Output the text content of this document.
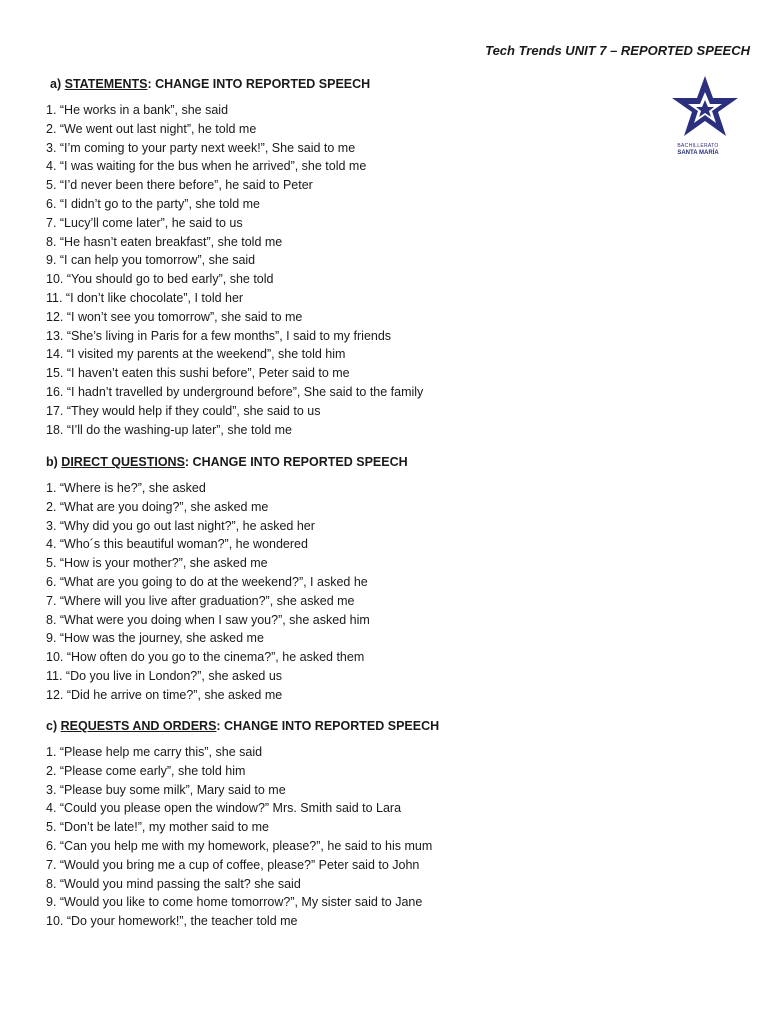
Tech Trends UNIT 7 – REPORTED SPEECH
BACHILLERATO
SANTA MARÍA
a) STATEMENTS: CHANGE INTO REPORTED SPEECH
1. “He works in a bank”, she said
2. “We went out last night”, he told me
3. “I’m coming to your party next week!”, She said to me
4. “I was waiting for the bus when he arrived”, she told me
5. “I’d never been there before”, he said to Peter
6. “I didn’t go to the party”, she told me
7. “Lucy’ll come later”, he said to us
8. “He hasn’t eaten breakfast”, she told me
9. “I can help you tomorrow”, she said
10. “You should go to bed early”, she told
11. “I don’t like chocolate”, I told her
12. “I won’t see you tomorrow”, she said to me
13. “She’s living in Paris for a few months”, I said to my friends
14. “I visited my parents at the weekend”, she told him
15. “I haven’t eaten this sushi before”, Peter said to me
16. “I hadn’t travelled by underground before”, She said to the family
17. “They would help if they could”, she said to us
18. “I’ll do the washing-up later”, she told me
b) DIRECT QUESTIONS: CHANGE INTO REPORTED SPEECH
1. “Where is he?”, she asked
2. “What are you doing?”, she asked me
3. “Why did you go out last night?”, he asked her
4. “Who´s this beautiful woman?”, he wondered
5. “How is your mother?”, she asked me
6. “What are you going to do at the weekend?”, I asked he
7. “Where will you live after graduation?”, she asked me
8. “What were you doing when I saw you?”, she asked him
9. “How was the journey, she asked me
10. “How often do you go to the cinema?”, he asked them
11. “Do you live in London?”, she asked us
12. “Did he arrive on time?”, she asked me
c) REQUESTS AND ORDERS: CHANGE INTO REPORTED SPEECH
1. “Please help me carry this”, she said
2. “Please come early”, she told him
3. “Please buy some milk”, Mary said to me
4. “Could you please open the window?” Mrs. Smith said to Lara
5. “Don’t be late!”, my mother said to me
6. “Can you help me with my homework, please?”, he said to his mum
7. “Would you bring me a cup of coffee, please?” Peter said to John
8. “Would you mind passing the salt? she said
9. “Would you like to come home tomorrow?”, My sister said to Jane
10. “Do your homework!”, the teacher told me
